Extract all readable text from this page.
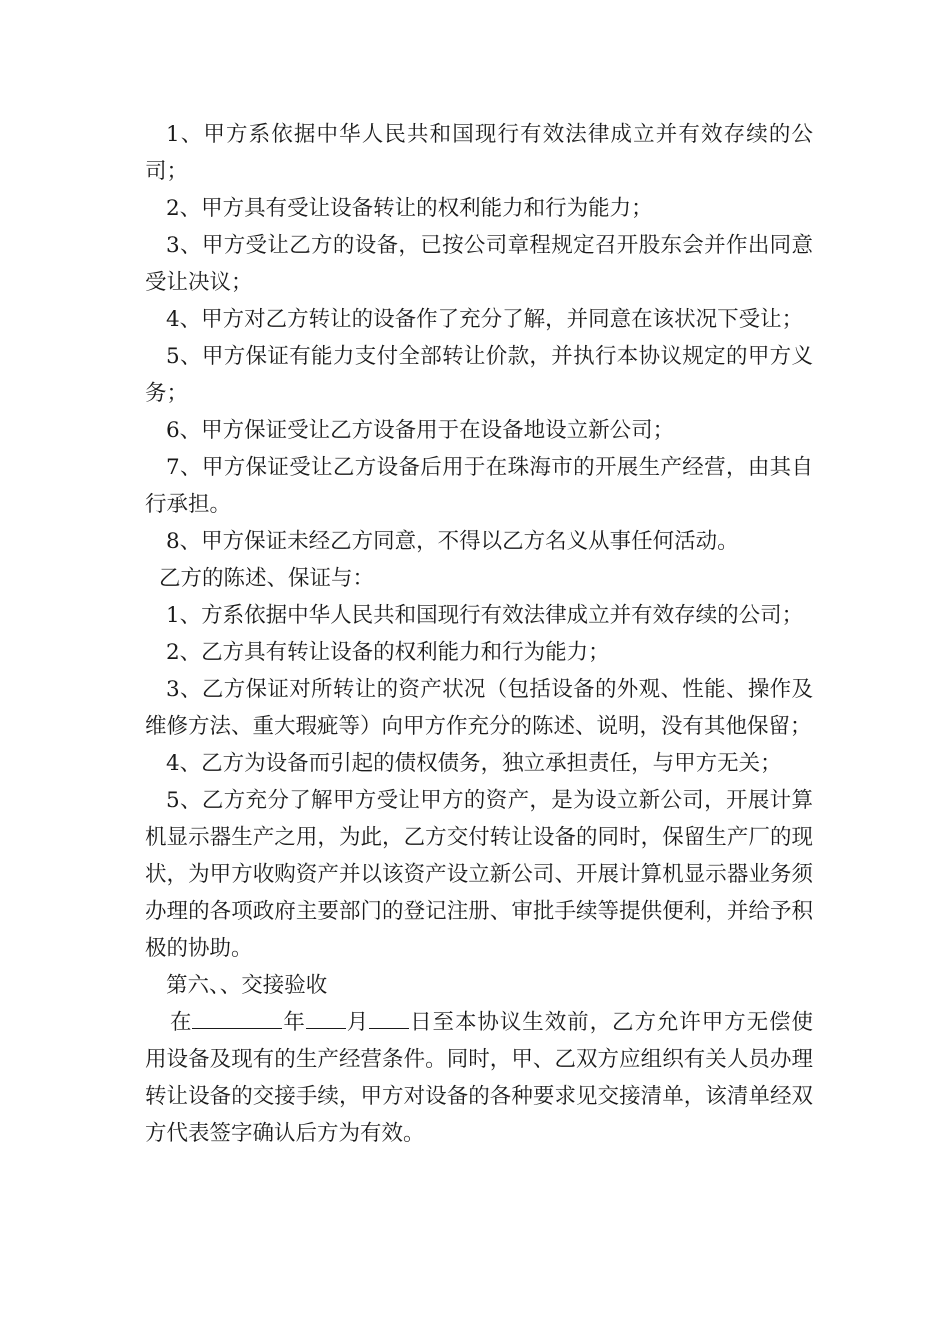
1、甲方系依据中华人民共和国现行有效法律成立并有效存续的公司；

2、甲方具有受让设备转让的权利能力和行为能力；

3、甲方受让乙方的设备，已按公司章程规定召开股东会并作出同意受让决议；

4、甲方对乙方转让的设备作了充分了解，并同意在该状况下受让；

5、甲方保证有能力支付全部转让价款，并执行本协议规定的甲方义务；

6、甲方保证受让乙方设备用于在设备地设立新公司；

7、甲方保证受让乙方设备后用于在珠海市的开展生产经营，由其自行承担。

8、甲方保证未经乙方同意，不得以乙方名义从事任何活动。

乙方的陈述、保证与：

1、方系依据中华人民共和国现行有效法律成立并有效存续的公司；

2、乙方具有转让设备的权利能力和行为能力；

3、乙方保证对所转让的资产状况（包括设备的外观、性能、操作及维修方法、重大瑕疵等）向甲方作充分的陈述、说明，没有其他保留；

4、乙方为设备而引起的债权债务，独立承担责任，与甲方无关；

5、乙方充分了解甲方受让甲方的资产，是为设立新公司，开展计算机显示器生产之用，为此，乙方交付转让设备的同时，保留生产厂的现状，为甲方收购资产并以该资产设立新公司、开展计算机显示器业务须办理的各项政府主要部门的登记注册、审批手续等提供便利，并给予积极的协助。

第六、、交接验收

在	年 月 日至本协议生效前，乙方允许甲方无偿使用设备及现有的生产经营条件。同时，甲、乙双方应组织有关人员办理转让设备的交接手续，甲方对设备的各种要求见交接清单，该清单经双方代表签字确认后方为有效。
